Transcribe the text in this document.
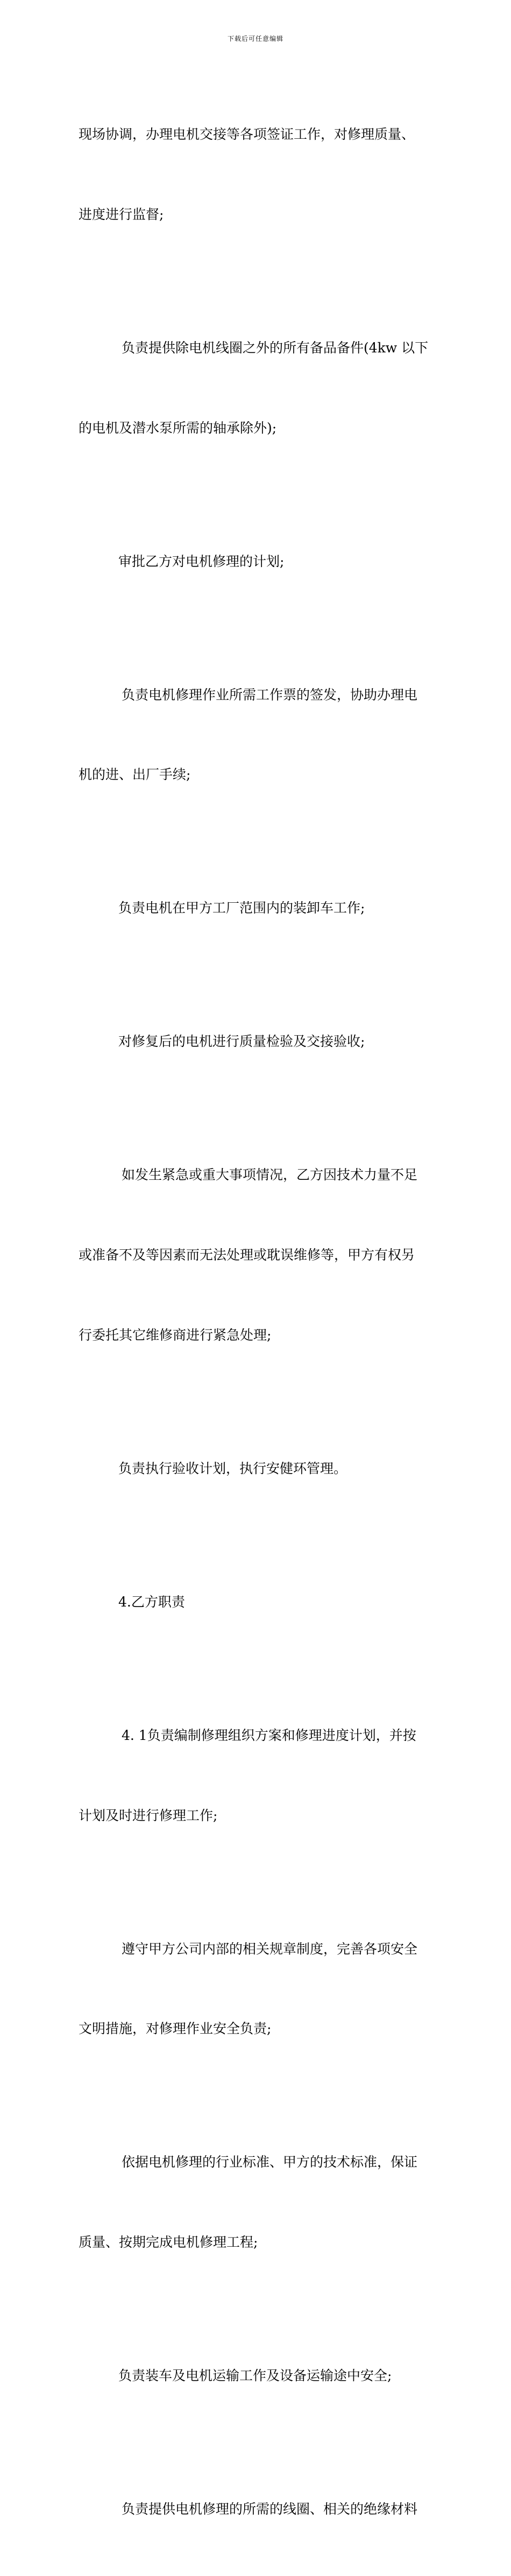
下载后可任意编辑

现场协调，办理电机交接等各项签证工作，对修理质量、

进度进行监督;

负责提供除电机线圈之外的所有备品备件(4kw 以下

的电机及潜水泵所需的轴承除外);

审批乙方对电机修理的计划;

负责电机修理作业所需工作票的签发，协助办理电

机的进、出厂手续;

负责电机在甲方工厂范围内的装卸车工作;

对修复后的电机进行质量检验及交接验收;

如发生紧急或重大事项情况，乙方因技术力量不足

或准备不及等因素而无法处理或耽误维修等，甲方有权另

行委托其它维修商进行紧急处理;

负责执行验收计划，执行安健环管理。

4.乙方职责

4. 1负责编制修理组织方案和修理进度计划，并按

计划及时进行修理工作;

遵守甲方公司内部的相关规章制度，完善各项安全

文明措施，对修理作业安全负责;

依据电机修理的行业标准、甲方的技术标准，保证

质量、按期完成电机修理工程;

负责装车及电机运输工作及设备运输途中安全;

负责提供电机修理的所需的线圈、相关的绝缘材料
